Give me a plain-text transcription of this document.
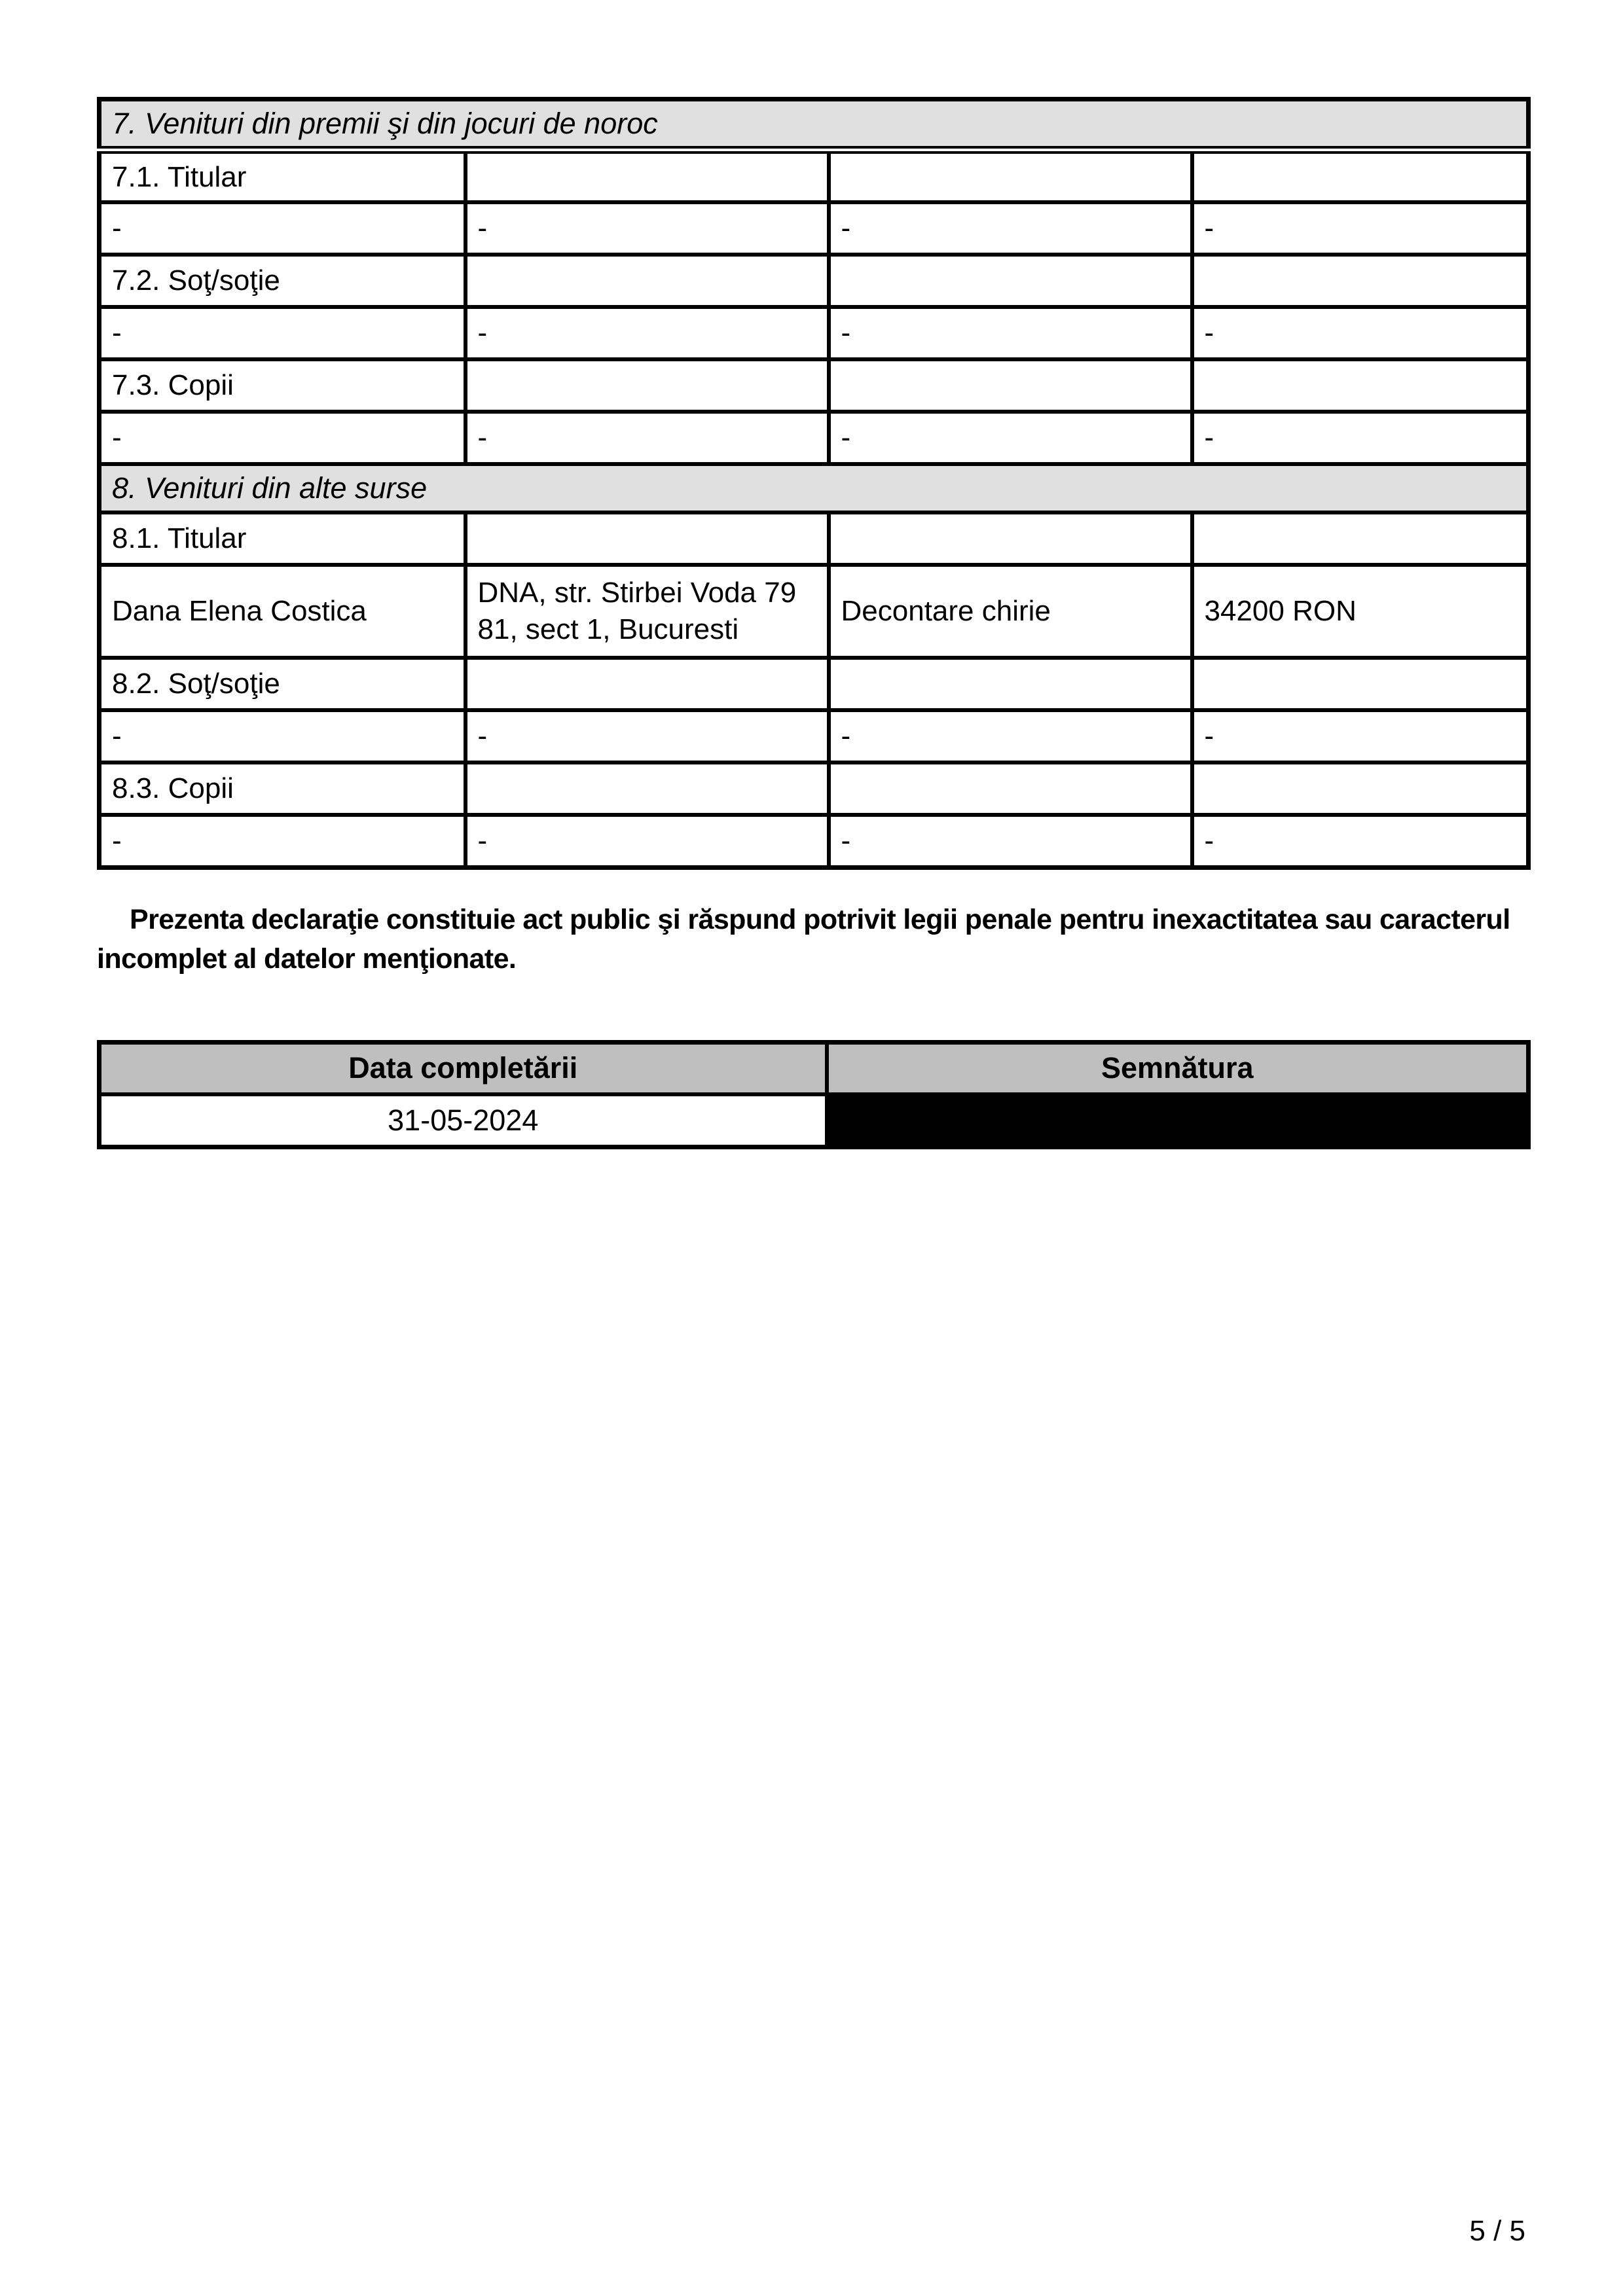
7. Venituri din premii şi din jocuri de noroc			
7.1. Titular			
-	-	-	-
7.2. Soţ/soţie			
-	-	-	-
7.3. Copii			
-	-	-	-
8. Venituri din alte surse			
8.1. Titular			
Dana Elena Costica	DNA, str. Stirbei Voda 79 81, sect 1, Bucuresti	Decontare chirie	34200 RON
8.2. Soţ/soţie			
-	-	-	-
8.3. Copii			
-	-	-	-

Prezenta declaraţie constituie act public şi răspund potrivit legii penale pentru inexactitatea sau caracterul incomplet al datelor menţionate.

Data completării	Semnătura
31-05-2024	
5 / 5
